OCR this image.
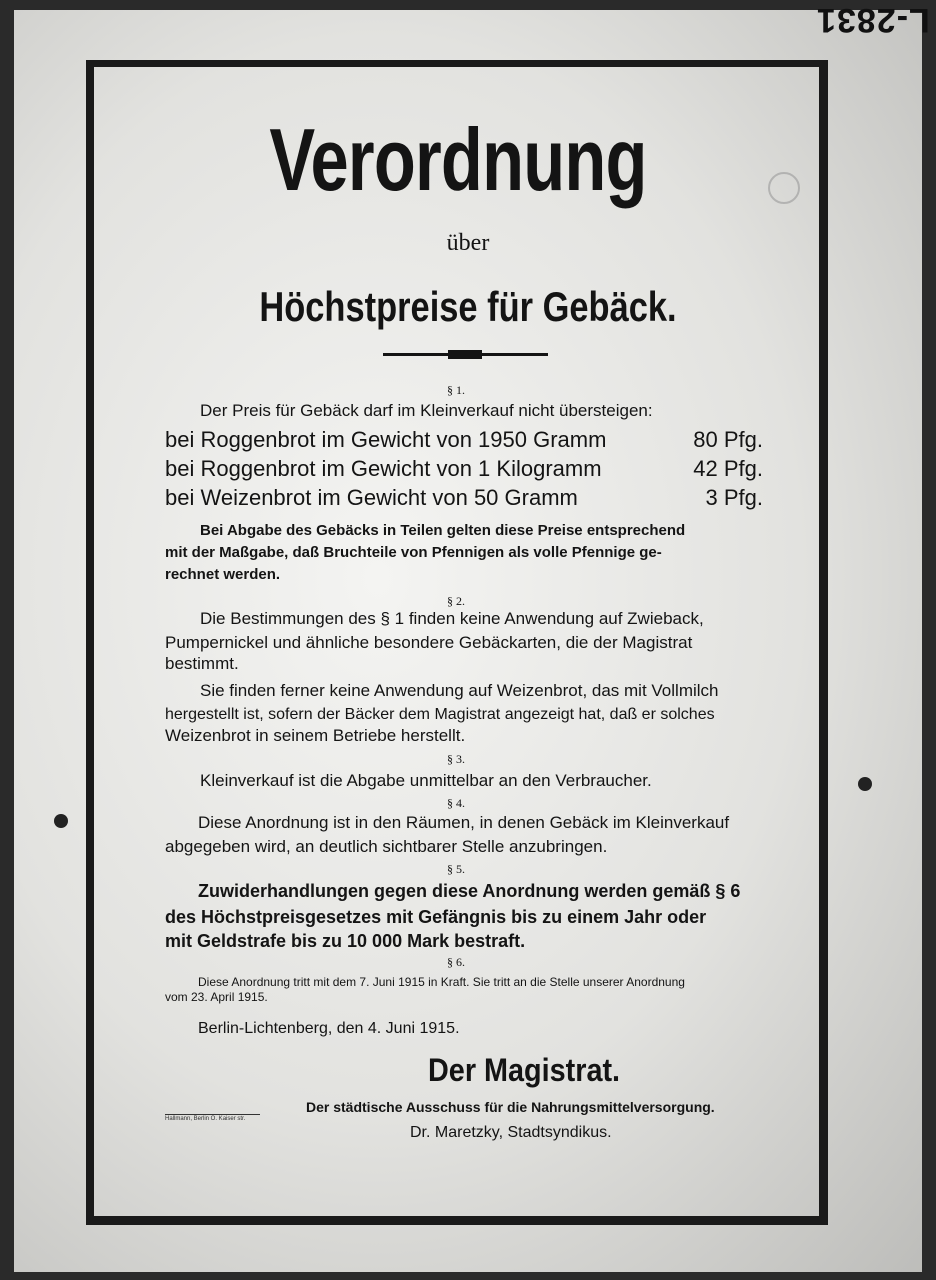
L-2831
Verordnung
über
Höchstpreise für Gebäck.
§ 1.
Der Preis für Gebäck darf im Kleinverkauf nicht übersteigen:
bei Roggenbrot im Gewicht von 1950 Gramm	80 Pfg.
bei Roggenbrot im Gewicht von 1 Kilogramm	42 Pfg.
bei Weizenbrot im Gewicht von 50 Gramm	3 Pfg.
Bei Abgabe des Gebäcks in Teilen gelten diese Preise entsprechend
mit der Maßgabe, daß Bruchteile von Pfennigen als volle Pfennige ge-
rechnet werden.
§ 2.
Die Bestimmungen des § 1 finden keine Anwendung auf Zwieback,
Pumpernickel und ähnliche besondere Gebäckarten, die der Magistrat
bestimmt.
Sie finden ferner keine Anwendung auf Weizenbrot, das mit Vollmilch
hergestellt ist, sofern der Bäcker dem Magistrat angezeigt hat, daß er solches
Weizenbrot in seinem Betriebe herstellt.
§ 3.
Kleinverkauf ist die Abgabe unmittelbar an den Verbraucher.
§ 4.
Diese Anordnung ist in den Räumen, in denen Gebäck im Kleinverkauf
abgegeben wird, an deutlich sichtbarer Stelle anzubringen.
§ 5.
Zuwiderhandlungen gegen diese Anordnung werden gemäß § 6
des Höchstpreisgesetzes mit Gefängnis bis zu einem Jahr oder
mit Geldstrafe bis zu 10 000 Mark bestraft.
§ 6.
Diese Anordnung tritt mit dem 7. Juni 1915 in Kraft. Sie tritt an die Stelle unserer Anordnung
vom 23. April 1915.
Berlin-Lichtenberg, den 4. Juni 1915.
Der Magistrat.
Der städtische Ausschuss für die Nahrungsmittelversorgung.
Dr. Maretzky, Stadtsyndikus.
Hallmann, Berlin O. Kaiser str.
